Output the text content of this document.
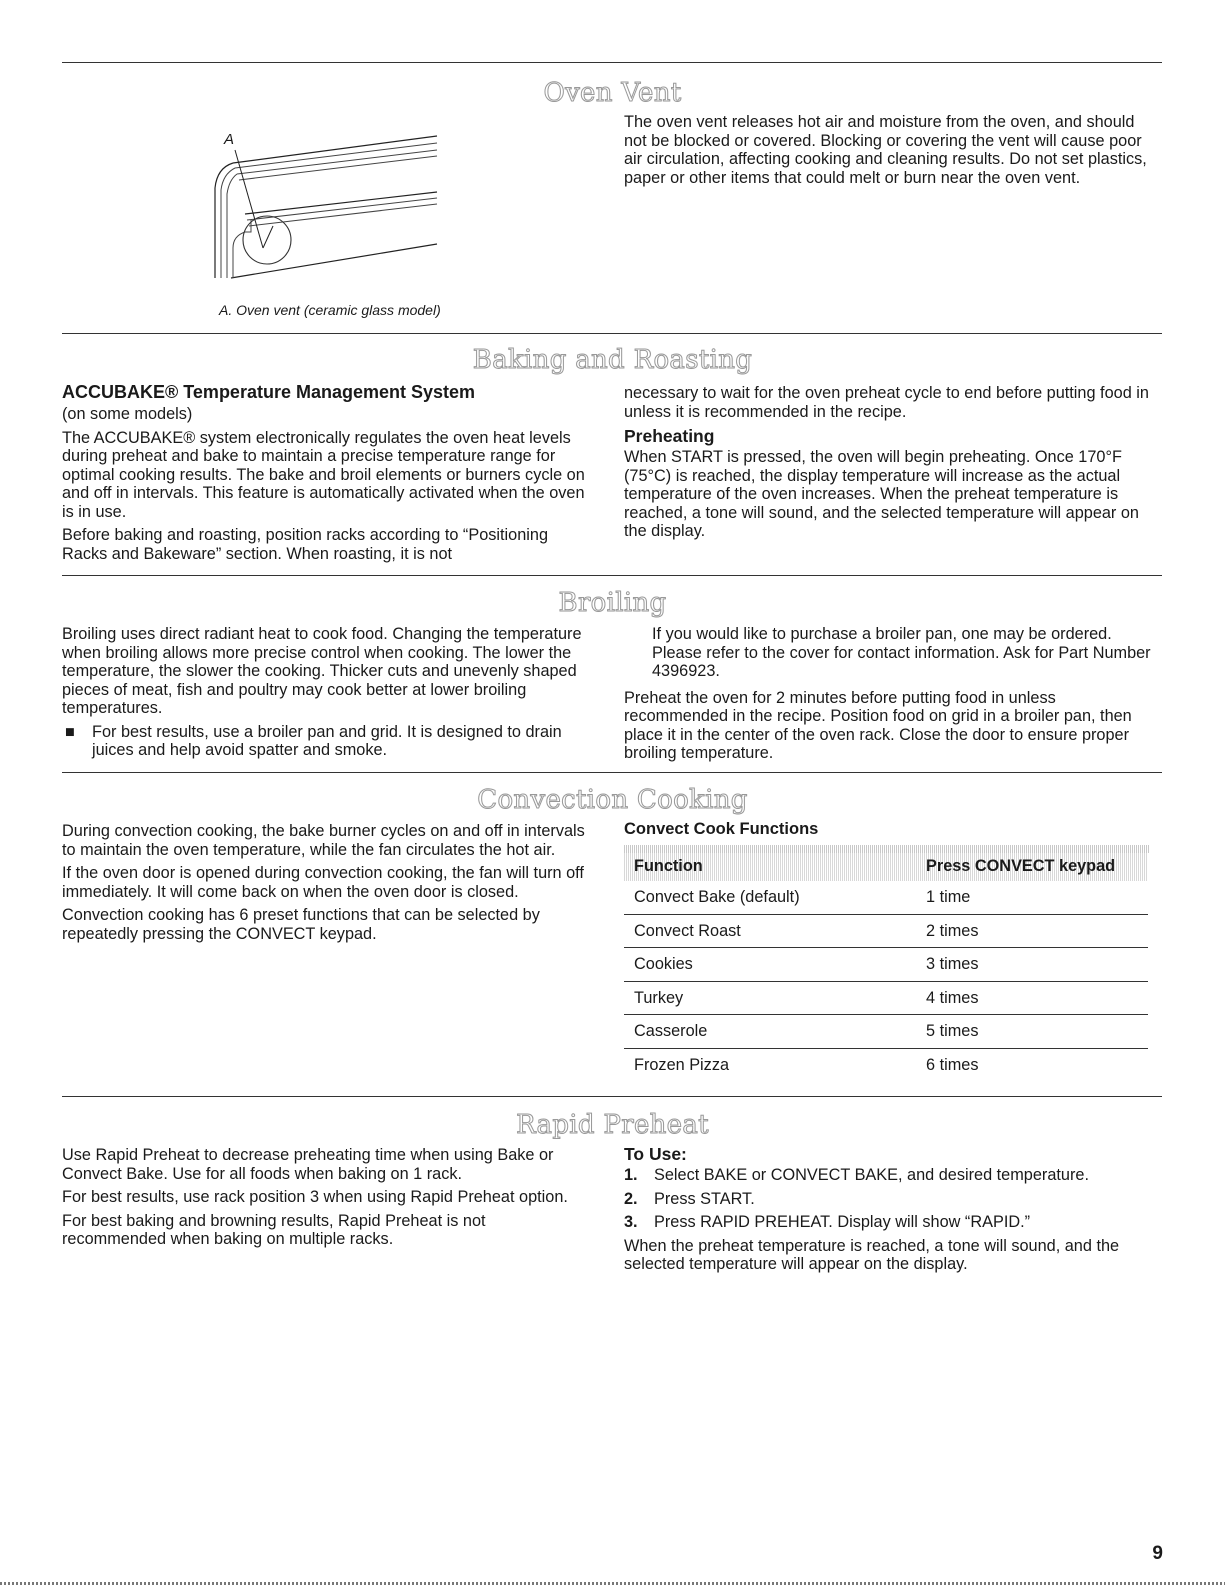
Oven Vent
A
A. Oven vent (ceramic glass model)

The oven vent releases hot air and moisture from the oven, and should not be blocked or covered. Blocking or covering the vent will cause poor air circulation, affecting cooking and cleaning results. Do not set plastics, paper or other items that could melt or burn near the oven vent.

Baking and Roasting
ACCUBAKE® Temperature Management System

(on some models)

The ACCUBAKE® system electronically regulates the oven heat levels during preheat and bake to maintain a precise temperature range for optimal cooking results. The bake and broil elements or burners cycle on and off in intervals. This feature is automatically activated when the oven is in use.

Before baking and roasting, position racks according to “Positioning Racks and Bakeware” section. When roasting, it is not

necessary to wait for the oven preheat cycle to end before putting food in unless it is recommended in the recipe.

Preheating

When START is pressed, the oven will begin preheating. Once 170°F (75°C) is reached, the display temperature will increase as the actual temperature of the oven increases. When the preheat temperature is reached, a tone will sound, and the selected temperature will appear on the display.

Broiling

Broiling uses direct radiant heat to cook food. Changing the temperature when broiling allows more precise control when cooking. The lower the temperature, the slower the cooking. Thicker cuts and unevenly shaped pieces of meat, fish and poultry may cook better at lower broiling temperatures.

■ For best results, use a broiler pan and grid. It is designed to drain juices and help avoid spatter and smoke.

If you would like to purchase a broiler pan, one may be ordered. Please refer to the cover for contact information. Ask for Part Number 4396923.

Preheat the oven for 2 minutes before putting food in unless recommended in the recipe. Position food on grid in a broiler pan, then place it in the center of the oven rack. Close the door to ensure proper broiling temperature.

Convection Cooking

During convection cooking, the bake burner cycles on and off in intervals to maintain the oven temperature, while the fan circulates the hot air.

If the oven door is opened during convection cooking, the fan will turn off immediately. It will come back on when the oven door is closed.

Convection cooking has 6 preset functions that can be selected by repeatedly pressing the CONVECT keypad.

Convect Cook Functions
Function	Press CONVECT keypad
Convect Bake (default)	1 time
Convect Roast	2 times
Cookies	3 times
Turkey	4 times
Casserole	5 times
Frozen Pizza	6 times
Rapid Preheat

Use Rapid Preheat to decrease preheating time when using Bake or Convect Bake. Use for all foods when baking on 1 rack.

For best results, use rack position 3 when using Rapid Preheat option.

For best baking and browning results, Rapid Preheat is not recommended when baking on multiple racks.

To Use:
1. Select BAKE or CONVECT BAKE, and desired temperature.
2. Press START.
3. Press RAPID PREHEAT. Display will show “RAPID.”

When the preheat temperature is reached, a tone will sound, and the selected temperature will appear on the display.

9
